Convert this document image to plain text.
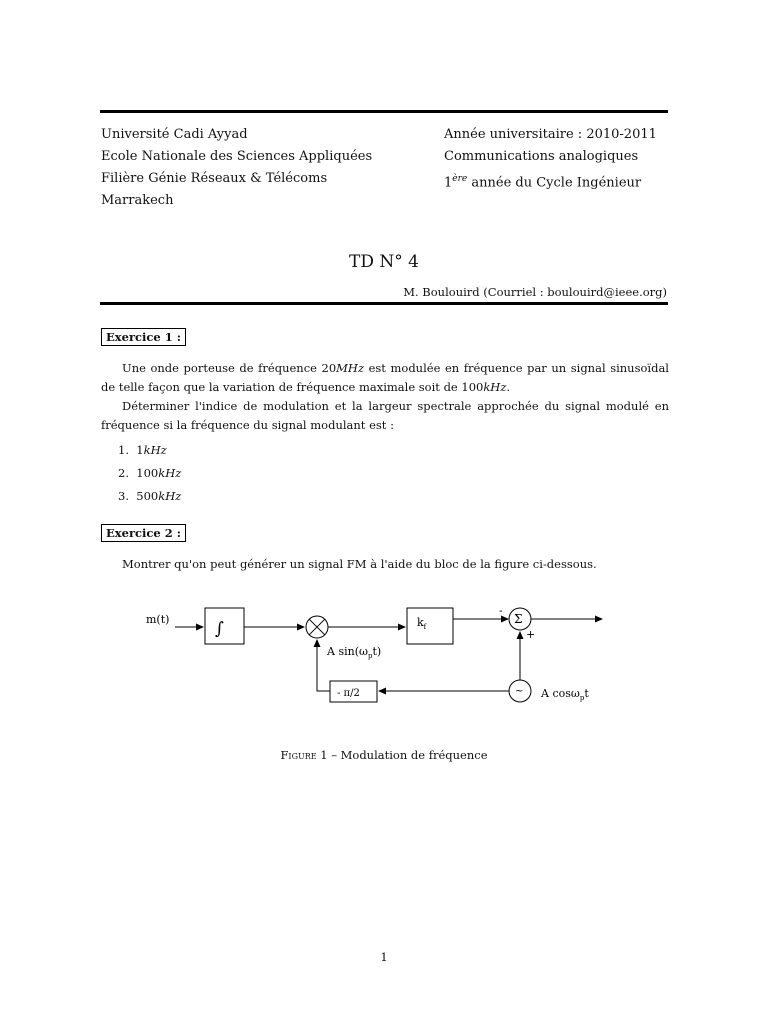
Université Cadi Ayyad
Ecole Nationale des Sciences Appliquées
Filière Génie Réseaux & Télécoms
Marrakech
Année universitaire : 2010-2011
Communications analogiques
1ère année du Cycle Ingénieur
TD N° 4
M. Boulouird (Courriel : boulouird@ieee.org)
Exercice 1 :

Une onde porteuse de fréquence 20MHz est modulée en fréquence par un signal sinusoïdal de telle façon que la variation de fréquence maximale soit de 100kHz.

Déterminer l'indice de modulation et la largeur spectrale approchée du signal modulé en fréquence si la fréquence du signal modulant est :

1. 1kHz
2. 100kHz
3. 500kHz
Exercice 2 :

Montrer qu'on peut générer un signal FM à l'aide du bloc de la figure ci-dessous.

m(t)	∫
A $\sin(\omega_pt)$
$k_f$
Σ
-
+
~ A cosω$_p$t
- π/2
Figure 1 – Modulation de fréquence
1
